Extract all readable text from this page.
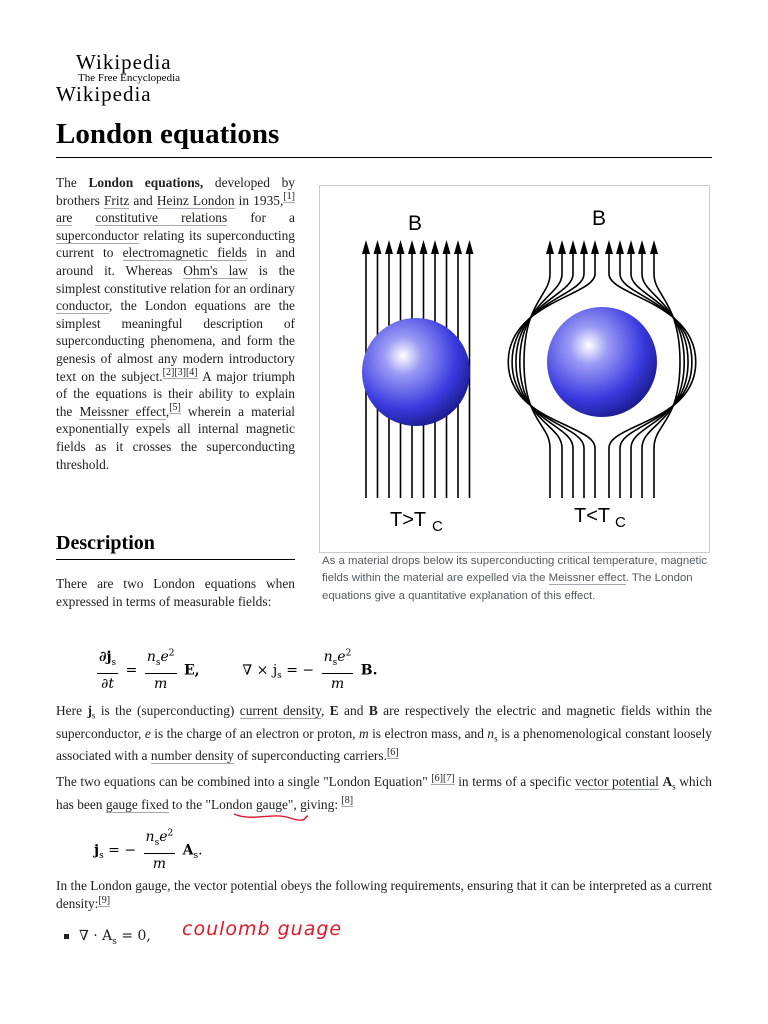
Wikipedia
The Free Encyclopedia
Wikipedia
London equations
The London equations, developed by brothers Fritz and Heinz London in 1935,[1] are constitutive relations for a superconductor relating its superconducting current to electromagnetic fields in and around it. Whereas Ohm's law is the simplest constitutive relation for an ordinary conductor, the London equations are the simplest meaningful description of superconducting phenomena, and form the genesis of almost any modern introductory text on the subject.[2][3][4] A major triumph of the equations is their ability to explain the Meissner effect,[5] wherein a material exponentially expels all internal magnetic fields as it crosses the superconducting threshold.
B	B
T>T C	T<T C
As a material drops below its superconducting critical temperature, magnetic fields within the material are expelled via the Meissner effect. The London equations give a quantitative explanation of this effect.
Description
There are two London equations when expressed in terms of measurable fields:
$\frac{\partial j_s}{\partial t} = \frac{n_se^2}{m} E$,	∇ × $j_s$ = − $\frac{n_se^2}{m} B$.
Here $j_s$ is the (superconducting) current density, E and B are respectively the electric and magnetic fields within the superconductor, e is the charge of an electron or proton, m is electron mass, and $n_s$ is a phenomenological constant loosely associated with a number density of superconducting carriers.[6]
The two equations can be combined into a single "London Equation" [6][7] in terms of a specific vector potential $A_s$ which has been gauge fixed to the "London gauge", giving: [8]
$j_s$ = − $\frac{n_se^2}{m} A_s$.
In the London gauge, the vector potential obeys the following requirements, ensuring that it can be interpreted as a current density:[9]
∇ · $A_s = 0$, coulomb guage
